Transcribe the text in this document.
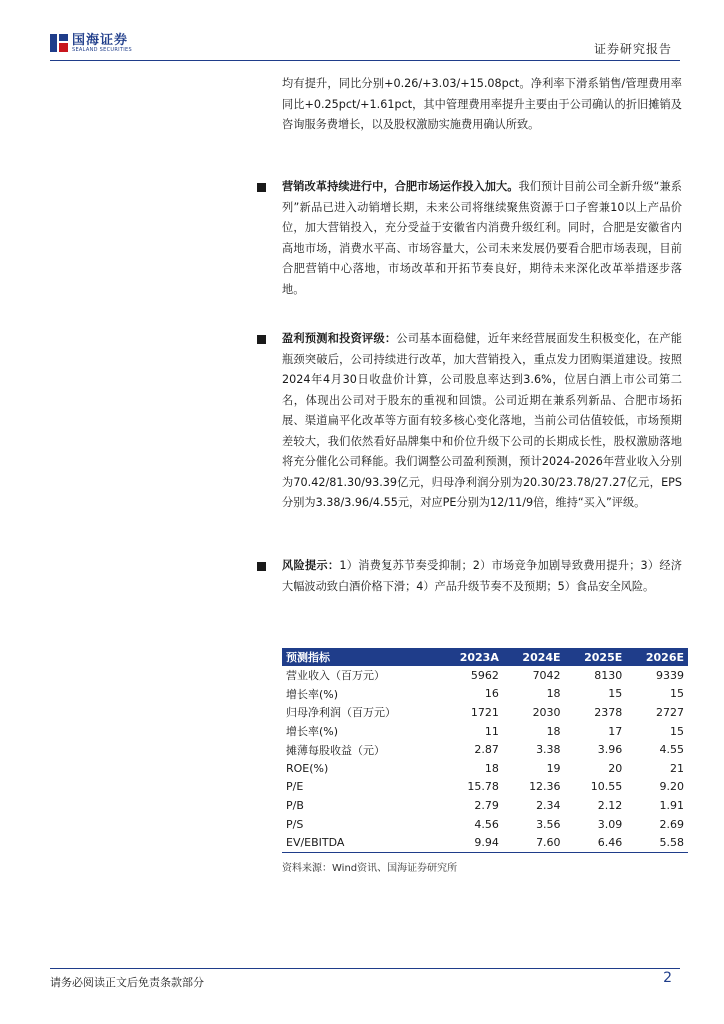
国海证券
SEALAND SECURITIES	证券研究报告

均有提升，同比分别+0.26/+3.03/+15.08pct。净利率下滑系销售/管理费用率同比+0.25pct/+1.61pct，其中管理费用率提升主要由于公司确认的折旧摊销及咨询服务费增长，以及股权激励实施费用确认所致。

营销改革持续进行中，合肥市场运作投入加大。我们预计目前公司全新升级“兼系列”新品已进入动销增长期，未来公司将继续聚焦资源于口子窖兼10以上产品价位，加大营销投入，充分受益于安徽省内消费升级红利。同时，合肥是安徽省内高地市场，消费水平高、市场容量大，公司未来发展仍要看合肥市场表现，目前合肥营销中心落地，市场改革和开拓节奏良好，期待未来深化改革举措逐步落地。
盈利预测和投资评级：公司基本面稳健，近年来经营展面发生积极变化，在产能瓶颈突破后，公司持续进行改革，加大营销投入，重点发力团购渠道建设。按照2024年4月30日收盘价计算，公司股息率达到3.6%，位居白酒上市公司第二名，体现出公司对于股东的重视和回馈。公司近期在兼系列新品、合肥市场拓展、渠道扁平化改革等方面有较多核心变化落地，当前公司估值较低，市场预期差较大，我们依然看好品牌集中和价位升级下公司的长期成长性，股权激励落地将充分催化公司释能。我们调整公司盈利预测，预计2024-2026年营业收入分别为70.42/81.30/93.39亿元，归母净利润分别为20.30/23.78/27.27亿元，EPS分别为3.38/3.96/4.55元，对应PE分别为12/11/9倍，维持“买入”评级。
风险提示：1）消费复苏节奏受抑制；2）市场竞争加剧导致费用提升；3）经济大幅波动致白酒价格下滑；4）产品升级节奏不及预期；5）食品安全风险。
预测指标	2023A	2024E	2025E	2026E
营业收入（百万元）	5962	7042	8130	9339
增长率(%)	16	18	15	15
归母净利润（百万元）	1721	2030	2378	2727
增长率(%)	11	18	17	15
摊薄每股收益（元）	2.87	3.38	3.96	4.55
ROE(%)	18	19	20	21
P/E	15.78	12.36	10.55	9.20
P/B	2.79	2.34	2.12	1.91
P/S	4.56	3.56	3.09	2.69
EV/EBITDA	9.94	7.60	6.46	5.58
资料来源：Wind资讯、国海证券研究所
请务必阅读正文后免责条款部分	2
